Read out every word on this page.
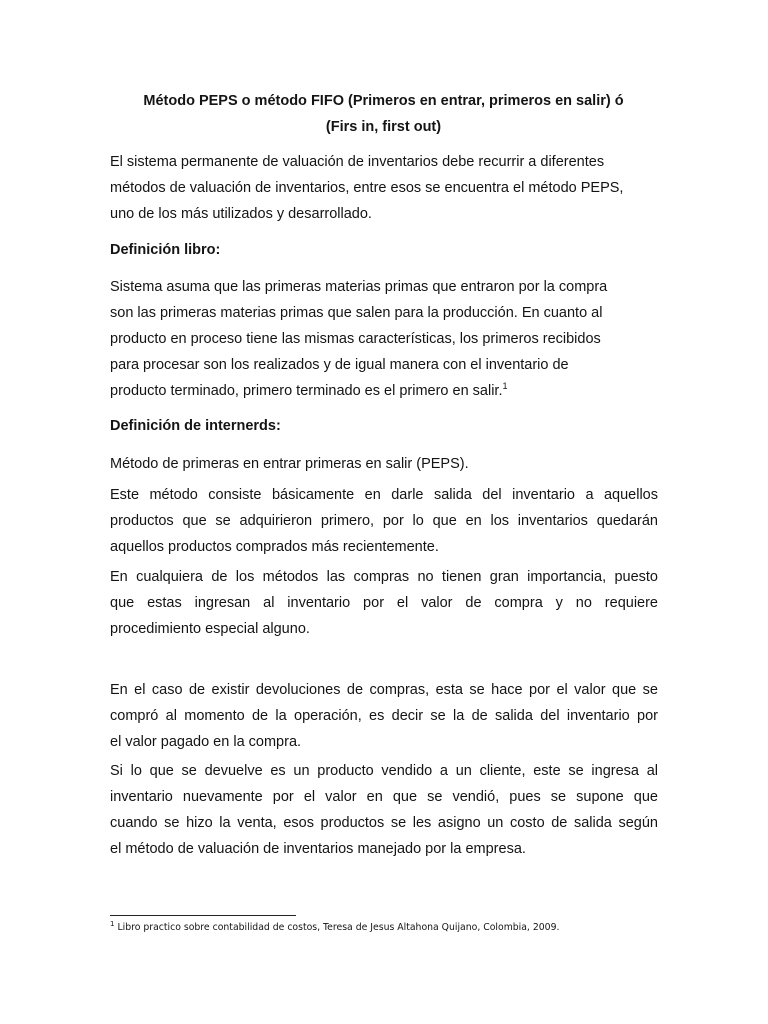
Método PEPS o método FIFO (Primeros en entrar, primeros en salir) ó
(Firs in, first out)

El sistema permanente de valuación de inventarios debe recurrir a diferentes
métodos de valuación de inventarios, entre esos se encuentra el método PEPS,
uno de los más utilizados y desarrollado.

Definición libro:

Sistema asuma que las primeras materias primas que entraron por la compra
son las primeras materias primas que salen para la producción. En cuanto al
producto en proceso tiene las mismas características, los primeros recibidos
para procesar son los realizados y de igual manera con el inventario de
producto terminado, primero terminado es el primero en salir.$^1$

Definición de internerds:

Método de primeras en entrar primeras en salir (PEPS).

Este método consiste básicamente en darle salida del inventario a aquellos
productos que se adquirieron primero, por lo que en los inventarios quedarán
aquellos productos comprados más recientemente.

En cualquiera de los métodos las compras no tienen gran importancia, puesto
que estas ingresan al inventario por el valor de compra y no requiere
procedimiento especial alguno.

En el caso de existir devoluciones de compras, esta se hace por el valor que se
compró al momento de la operación, es decir se la de salida del inventario por
el valor pagado en la compra.

Si lo que se devuelve es un producto vendido a un cliente, este se ingresa al
inventario nuevamente por el valor en que se vendió, pues se supone que
cuando se hizo la venta, esos productos se les asigno un costo de salida según
el método de valuación de inventarios manejado por la empresa.

$^1$ Libro practico sobre contabilidad de costos, Teresa de Jesus Altahona Quijano, Colombia, 2009.
